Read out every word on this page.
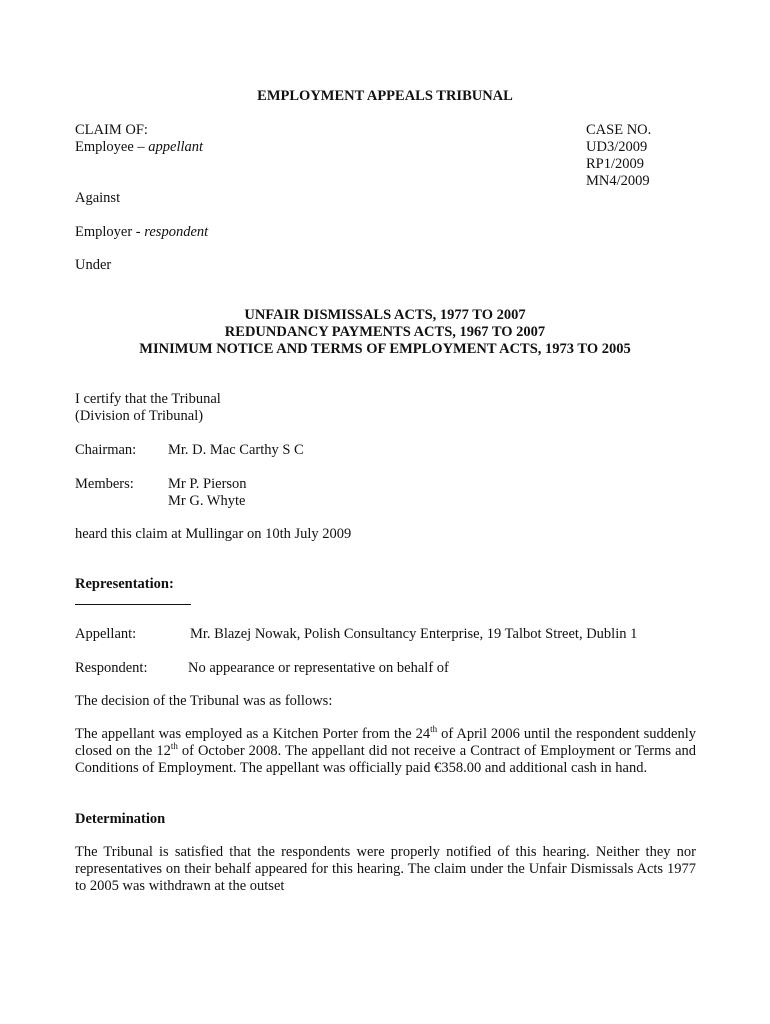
EMPLOYMENT APPEALS TRIBUNAL
CLAIM OF:
Employee – appellant
CASE NO.
UD3/2009
RP1/2009
MN4/2009
Against
Employer - respondent
Under
UNFAIR DISMISSALS ACTS, 1977 TO 2007
REDUNDANCY PAYMENTS ACTS, 1967 TO 2007
MINIMUM NOTICE AND TERMS OF EMPLOYMENT ACTS, 1973 TO 2005
I certify that the Tribunal
(Division of Tribunal)
Chairman: Mr. D. Mac Carthy S C
Members: Mr P. Pierson
Mr G. Whyte
heard this claim at Mullingar on 10th July 2009
Representation:
Appellant:	Mr. Blazej Nowak, Polish Consultancy Enterprise, 19 Talbot Street, Dublin 1
Respondent:	No appearance or representative on behalf of
The decision of the Tribunal was as follows:
The appellant was employed as a Kitchen Porter from the 24th of April 2006 until the respondent suddenly closed on the 12th of October 2008. The appellant did not receive a Contract of Employment or Terms and Conditions of Employment. The appellant was officially paid €358.00 and additional cash in hand.
Determination
The Tribunal is satisfied that the respondents were properly notified of this hearing. Neither they nor representatives on their behalf appeared for this hearing. The claim under the Unfair Dismissals Acts 1977 to 2005 was withdrawn at the outset
